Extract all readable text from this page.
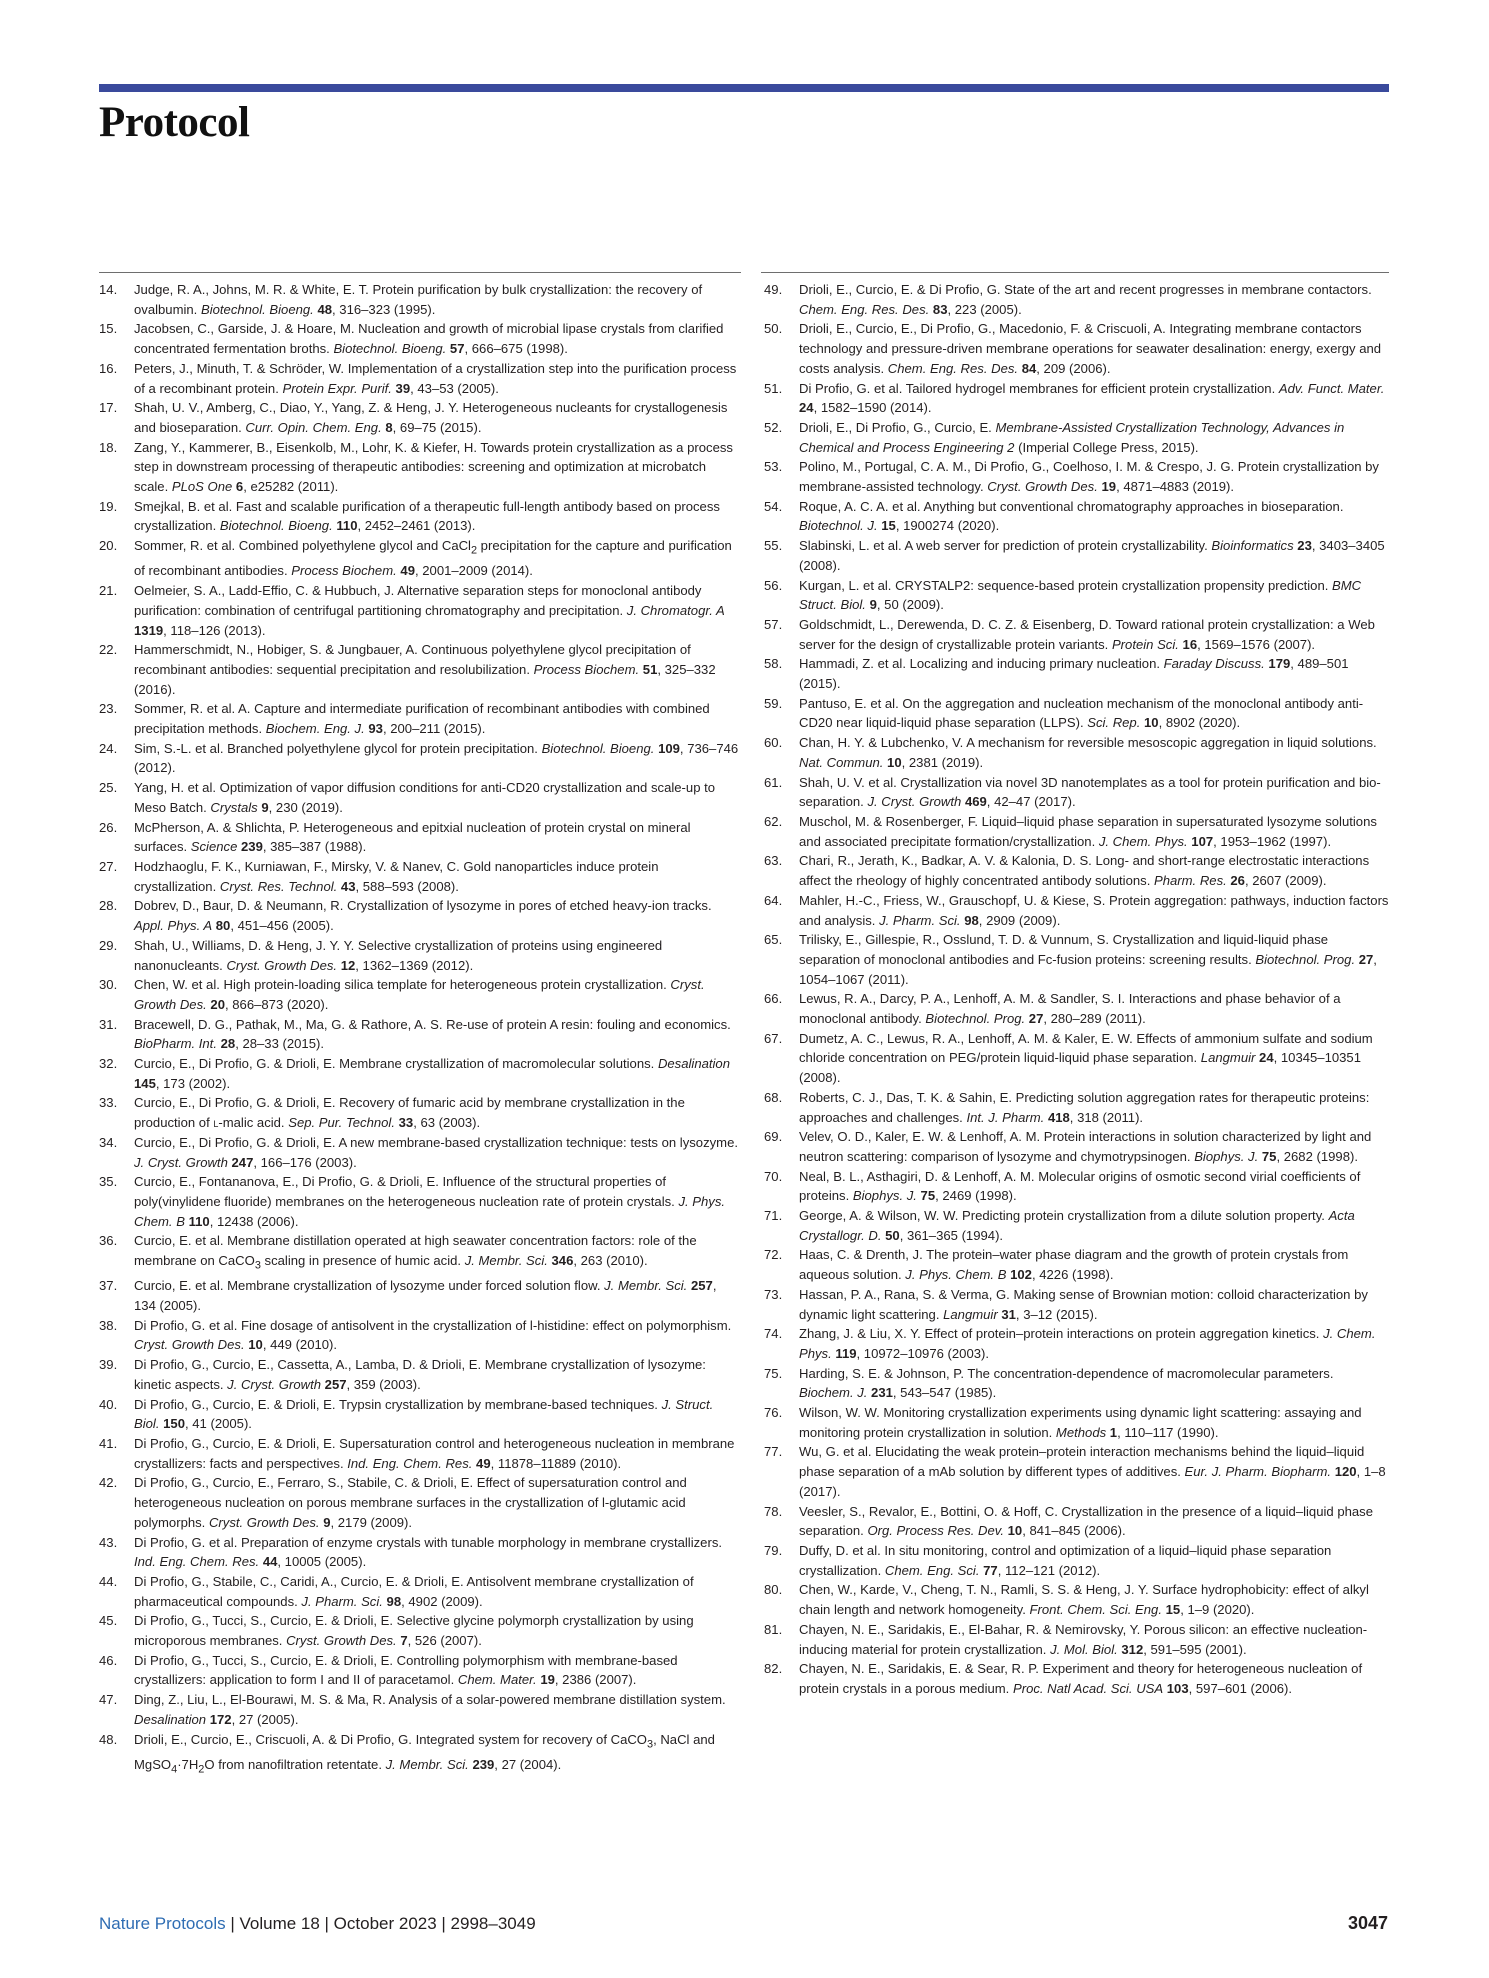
Protocol
14. Judge, R. A., Johns, M. R. & White, E. T. Protein purification by bulk crystallization: the recovery of ovalbumin. Biotechnol. Bioeng. 48, 316–323 (1995).
15. Jacobsen, C., Garside, J. & Hoare, M. Nucleation and growth of microbial lipase crystals from clarified concentrated fermentation broths. Biotechnol. Bioeng. 57, 666–675 (1998).
16. Peters, J., Minuth, T. & Schröder, W. Implementation of a crystallization step into the purification process of a recombinant protein. Protein Expr. Purif. 39, 43–53 (2005).
17. Shah, U. V., Amberg, C., Diao, Y., Yang, Z. & Heng, J. Y. Heterogeneous nucleants for crystallogenesis and bioseparation. Curr. Opin. Chem. Eng. 8, 69–75 (2015).
18. Zang, Y., Kammerer, B., Eisenkolb, M., Lohr, K. & Kiefer, H. Towards protein crystallization as a process step in downstream processing of therapeutic antibodies: screening and optimization at microbatch scale. PLoS One 6, e25282 (2011).
19. Smejkal, B. et al. Fast and scalable purification of a therapeutic full-length antibody based on process crystallization. Biotechnol. Bioeng. 110, 2452–2461 (2013).
20. Sommer, R. et al. Combined polyethylene glycol and CaCl$_2$ precipitation for the capture and purification of recombinant antibodies. Process Biochem. 49, 2001–2009 (2014).
21. Oelmeier, S. A., Ladd-Effio, C. & Hubbuch, J. Alternative separation steps for monoclonal antibody purification: combination of centrifugal partitioning chromatography and precipitation. J. Chromatogr. A 1319, 118–126 (2013).
22. Hammerschmidt, N., Hobiger, S. & Jungbauer, A. Continuous polyethylene glycol precipitation of recombinant antibodies: sequential precipitation and resolubilization. Process Biochem. 51, 325–332 (2016).
23. Sommer, R. et al. A. Capture and intermediate purification of recombinant antibodies with combined precipitation methods. Biochem. Eng. J. 93, 200–211 (2015).
24. Sim, S.-L. et al. Branched polyethylene glycol for protein precipitation. Biotechnol. Bioeng. 109, 736–746 (2012).
25. Yang, H. et al. Optimization of vapor diffusion conditions for anti-CD20 crystallization and scale-up to Meso Batch. Crystals 9, 230 (2019).
26. McPherson, A. & Shlichta, P. Heterogeneous and epitxial nucleation of protein crystal on mineral surfaces. Science 239, 385–387 (1988).
27. Hodzhaoglu, F. K., Kurniawan, F., Mirsky, V. & Nanev, C. Gold nanoparticles induce protein crystallization. Cryst. Res. Technol. 43, 588–593 (2008).
28. Dobrev, D., Baur, D. & Neumann, R. Crystallization of lysozyme in pores of etched heavy-ion tracks. Appl. Phys. A 80, 451–456 (2005).
29. Shah, U., Williams, D. & Heng, J. Y. Y. Selective crystallization of proteins using engineered nanonucleants. Cryst. Growth Des. 12, 1362–1369 (2012).
30. Chen, W. et al. High protein-loading silica template for heterogeneous protein crystallization. Cryst. Growth Des. 20, 866–873 (2020).
31. Bracewell, D. G., Pathak, M., Ma, G. & Rathore, A. S. Re-use of protein A resin: fouling and economics. BioPharm. Int. 28, 28–33 (2015).
32. Curcio, E., Di Profio, G. & Drioli, E. Membrane crystallization of macromolecular solutions. Desalination 145, 173 (2002).
33. Curcio, E., Di Profio, G. & Drioli, E. Recovery of fumaric acid by membrane crystallization in the production of l-malic acid. Sep. Pur. Technol. 33, 63 (2003).
34. Curcio, E., Di Profio, G. & Drioli, E. A new membrane-based crystallization technique: tests on lysozyme. J. Cryst. Growth 247, 166–176 (2003).
35. Curcio, E., Fontananova, E., Di Profio, G. & Drioli, E. Influence of the structural properties of poly(vinylidene fluoride) membranes on the heterogeneous nucleation rate of protein crystals. J. Phys. Chem. B 110, 12438 (2006).
36. Curcio, E. et al. Membrane distillation operated at high seawater concentration factors: role of the membrane on CaCO$_3$ scaling in presence of humic acid. J. Membr. Sci. 346, 263 (2010).
37. Curcio, E. et al. Membrane crystallization of lysozyme under forced solution flow. J. Membr. Sci. 257, 134 (2005).
38. Di Profio, G. et al. Fine dosage of antisolvent in the crystallization of l-histidine: effect on polymorphism. Cryst. Growth Des. 10, 449 (2010).
39. Di Profio, G., Curcio, E., Cassetta, A., Lamba, D. & Drioli, E. Membrane crystallization of lysozyme: kinetic aspects. J. Cryst. Growth 257, 359 (2003).
40. Di Profio, G., Curcio, E. & Drioli, E. Trypsin crystallization by membrane-based techniques. J. Struct. Biol. 150, 41 (2005).
41. Di Profio, G., Curcio, E. & Drioli, E. Supersaturation control and heterogeneous nucleation in membrane crystallizers: facts and perspectives. Ind. Eng. Chem. Res. 49, 11878–11889 (2010).
42. Di Profio, G., Curcio, E., Ferraro, S., Stabile, C. & Drioli, E. Effect of supersaturation control and heterogeneous nucleation on porous membrane surfaces in the crystallization of l-glutamic acid polymorphs. Cryst. Growth Des. 9, 2179 (2009).
43. Di Profio, G. et al. Preparation of enzyme crystals with tunable morphology in membrane crystallizers. Ind. Eng. Chem. Res. 44, 10005 (2005).
44. Di Profio, G., Stabile, C., Caridi, A., Curcio, E. & Drioli, E. Antisolvent membrane crystallization of pharmaceutical compounds. J. Pharm. Sci. 98, 4902 (2009).
45. Di Profio, G., Tucci, S., Curcio, E. & Drioli, E. Selective glycine polymorph crystallization by using microporous membranes. Cryst. Growth Des. 7, 526 (2007).
46. Di Profio, G., Tucci, S., Curcio, E. & Drioli, E. Controlling polymorphism with membrane-based crystallizers: application to form I and II of paracetamol. Chem. Mater. 19, 2386 (2007).
47. Ding, Z., Liu, L., El-Bourawi, M. S. & Ma, R. Analysis of a solar-powered membrane distillation system. Desalination 172, 27 (2005).
48. Drioli, E., Curcio, E., Criscuoli, A. & Di Profio, G. Integrated system for recovery of CaCO$_3$, NaCl and $MgSO_4\cdot 7H_2O$ from nanofiltration retentate. J. Membr. Sci. 239, 27 (2004).
49. Drioli, E., Curcio, E. & Di Profio, G. State of the art and recent progresses in membrane contactors. Chem. Eng. Res. Des. 83, 223 (2005).
50. Drioli, E., Curcio, E., Di Profio, G., Macedonio, F. & Criscuoli, A. Integrating membrane contactors technology and pressure-driven membrane operations for seawater desalination: energy, exergy and costs analysis. Chem. Eng. Res. Des. 84, 209 (2006).
51. Di Profio, G. et al. Tailored hydrogel membranes for efficient protein crystallization. Adv. Funct. Mater. 24, 1582–1590 (2014).
52. Drioli, E., Di Profio, G., Curcio, E. Membrane-Assisted Crystallization Technology, Advances in Chemical and Process Engineering 2 (Imperial College Press, 2015).
53. Polino, M., Portugal, C. A. M., Di Profio, G., Coelhoso, I. M. & Crespo, J. G. Protein crystallization by membrane-assisted technology. Cryst. Growth Des. 19, 4871–4883 (2019).
54. Roque, A. C. A. et al. Anything but conventional chromatography approaches in bioseparation. Biotechnol. J. 15, 1900274 (2020).
55. Slabinski, L. et al. A web server for prediction of protein crystallizability. Bioinformatics 23, 3403–3405 (2008).
56. Kurgan, L. et al. CRYSTALP2: sequence-based protein crystallization propensity prediction. BMC Struct. Biol. 9, 50 (2009).
57. Goldschmidt, L., Derewenda, D. C. Z. & Eisenberg, D. Toward rational protein crystallization: a Web server for the design of crystallizable protein variants. Protein Sci. 16, 1569–1576 (2007).
58. Hammadi, Z. et al. Localizing and inducing primary nucleation. Faraday Discuss. 179, 489–501 (2015).
59. Pantuso, E. et al. On the aggregation and nucleation mechanism of the monoclonal antibody anti-CD20 near liquid-liquid phase separation (LLPS). Sci. Rep. 10, 8902 (2020).
60. Chan, H. Y. & Lubchenko, V. A mechanism for reversible mesoscopic aggregation in liquid solutions. Nat. Commun. 10, 2381 (2019).
61. Shah, U. V. et al. Crystallization via novel 3D nanotemplates as a tool for protein purification and bio-separation. J. Cryst. Growth 469, 42–47 (2017).
62. Muschol, M. & Rosenberger, F. Liquid–liquid phase separation in supersaturated lysozyme solutions and associated precipitate formation/crystallization. J. Chem. Phys. 107, 1953–1962 (1997).
63. Chari, R., Jerath, K., Badkar, A. V. & Kalonia, D. S. Long- and short-range electrostatic interactions affect the rheology of highly concentrated antibody solutions. Pharm. Res. 26, 2607 (2009).
64. Mahler, H.-C., Friess, W., Grauschopf, U. & Kiese, S. Protein aggregation: pathways, induction factors and analysis. J. Pharm. Sci. 98, 2909 (2009).
65. Trilisky, E., Gillespie, R., Osslund, T. D. & Vunnum, S. Crystallization and liquid-liquid phase separation of monoclonal antibodies and Fc-fusion proteins: screening results. Biotechnol. Prog. 27, 1054–1067 (2011).
66. Lewus, R. A., Darcy, P. A., Lenhoff, A. M. & Sandler, S. I. Interactions and phase behavior of a monoclonal antibody. Biotechnol. Prog. 27, 280–289 (2011).
67. Dumetz, A. C., Lewus, R. A., Lenhoff, A. M. & Kaler, E. W. Effects of ammonium sulfate and sodium chloride concentration on PEG/protein liquid-liquid phase separation. Langmuir 24, 10345–10351 (2008).
68. Roberts, C. J., Das, T. K. & Sahin, E. Predicting solution aggregation rates for therapeutic proteins: approaches and challenges. Int. J. Pharm. 418, 318 (2011).
69. Velev, O. D., Kaler, E. W. & Lenhoff, A. M. Protein interactions in solution characterized by light and neutron scattering: comparison of lysozyme and chymotrypsinogen. Biophys. J. 75, 2682 (1998).
70. Neal, B. L., Asthagiri, D. & Lenhoff, A. M. Molecular origins of osmotic second virial coefficients of proteins. Biophys. J. 75, 2469 (1998).
71. George, A. & Wilson, W. W. Predicting protein crystallization from a dilute solution property. Acta Crystallogr. D. 50, 361–365 (1994).
72. Haas, C. & Drenth, J. The protein–water phase diagram and the growth of protein crystals from aqueous solution. J. Phys. Chem. B 102, 4226 (1998).
73. Hassan, P. A., Rana, S. & Verma, G. Making sense of Brownian motion: colloid characterization by dynamic light scattering. Langmuir 31, 3–12 (2015).
74. Zhang, J. & Liu, X. Y. Effect of protein–protein interactions on protein aggregation kinetics. J. Chem. Phys. 119, 10972–10976 (2003).
75. Harding, S. E. & Johnson, P. The concentration-dependence of macromolecular parameters. Biochem. J. 231, 543–547 (1985).
76. Wilson, W. W. Monitoring crystallization experiments using dynamic light scattering: assaying and monitoring protein crystallization in solution. Methods 1, 110–117 (1990).
77. Wu, G. et al. Elucidating the weak protein–protein interaction mechanisms behind the liquid–liquid phase separation of a mAb solution by different types of additives. Eur. J. Pharm. Biopharm. 120, 1–8 (2017).
78. Veesler, S., Revalor, E., Bottini, O. & Hoff, C. Crystallization in the presence of a liquid–liquid phase separation. Org. Process Res. Dev. 10, 841–845 (2006).
79. Duffy, D. et al. In situ monitoring, control and optimization of a liquid–liquid phase separation crystallization. Chem. Eng. Sci. 77, 112–121 (2012).
80. Chen, W., Karde, V., Cheng, T. N., Ramli, S. S. & Heng, J. Y. Surface hydrophobicity: effect of alkyl chain length and network homogeneity. Front. Chem. Sci. Eng. 15, 1–9 (2020).
81. Chayen, N. E., Saridakis, E., El-Bahar, R. & Nemirovsky, Y. Porous silicon: an effective nucleation-inducing material for protein crystallization. J. Mol. Biol. 312, 591–595 (2001).
82. Chayen, N. E., Saridakis, E. & Sear, R. P. Experiment and theory for heterogeneous nucleation of protein crystals in a porous medium. Proc. Natl Acad. Sci. USA 103, 597–601 (2006).
Nature Protocols | Volume 18 | October 2023 | 2998–3049	3047
